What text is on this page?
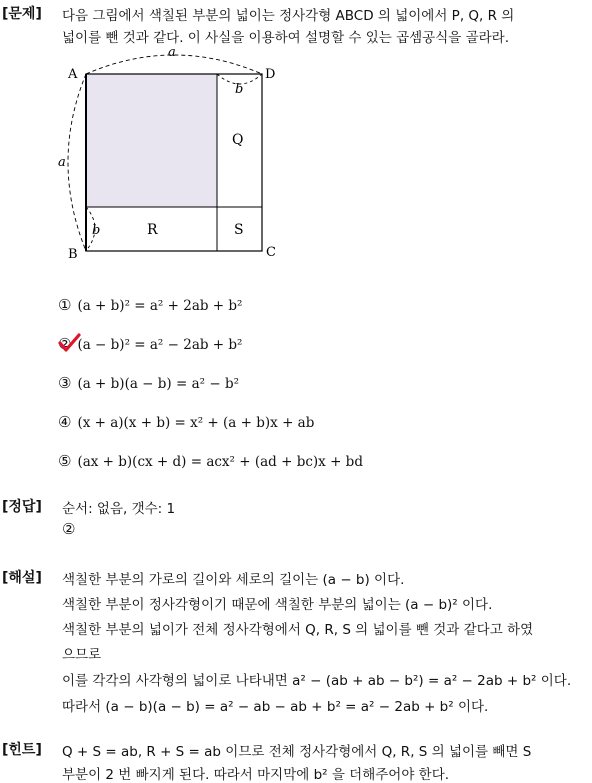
[문제] 다음 그림에서 색칠된 부분의 넓이는 정사각형 ABCD 의 넓이에서 P, Q, R 의
넓이를 뺀 것과 같다. 이 사실을 이용하여 설명할 수 있는 곱셈공식을 골라라.
A	D
B	C
a
a
b
b
Q
R	S
① (a + b)² = a² + 2ab + b²
② (a − b)² = a² − 2ab + b²
③ (a + b)(a − b) = a² − b²
④ (x + a)(x + b) = x² + (a + b)x + ab
⑤ (ax + b)(cx + d) = acx² + (ad + bc)x + bd
[정답] 순서: 없음, 갯수: 1
②
[해설] 색칠한 부분의 가로의 길이와 세로의 길이는 (a − b) 이다.
색칠한 부분이 정사각형이기 때문에 색칠한 부분의 넓이는 (a − b)² 이다.
색칠한 부분의 넓이가 전체 정사각형에서 Q, R, S 의 넓이를 뺀 것과 같다고 하였
으므로
이를 각각의 사각형의 넓이로 나타내면 a² − (ab + ab − b²) = a² − 2ab + b² 이다.
따라서 (a − b)(a − b) = a² − ab − ab + b² = a² − 2ab + b² 이다.
[힌트] Q + S = ab, R + S = ab 이므로 전체 정사각형에서 Q, R, S 의 넓이를 빼면 S
부분이 2 번 빠지게 된다. 따라서 마지막에 b² 을 더해주어야 한다.
